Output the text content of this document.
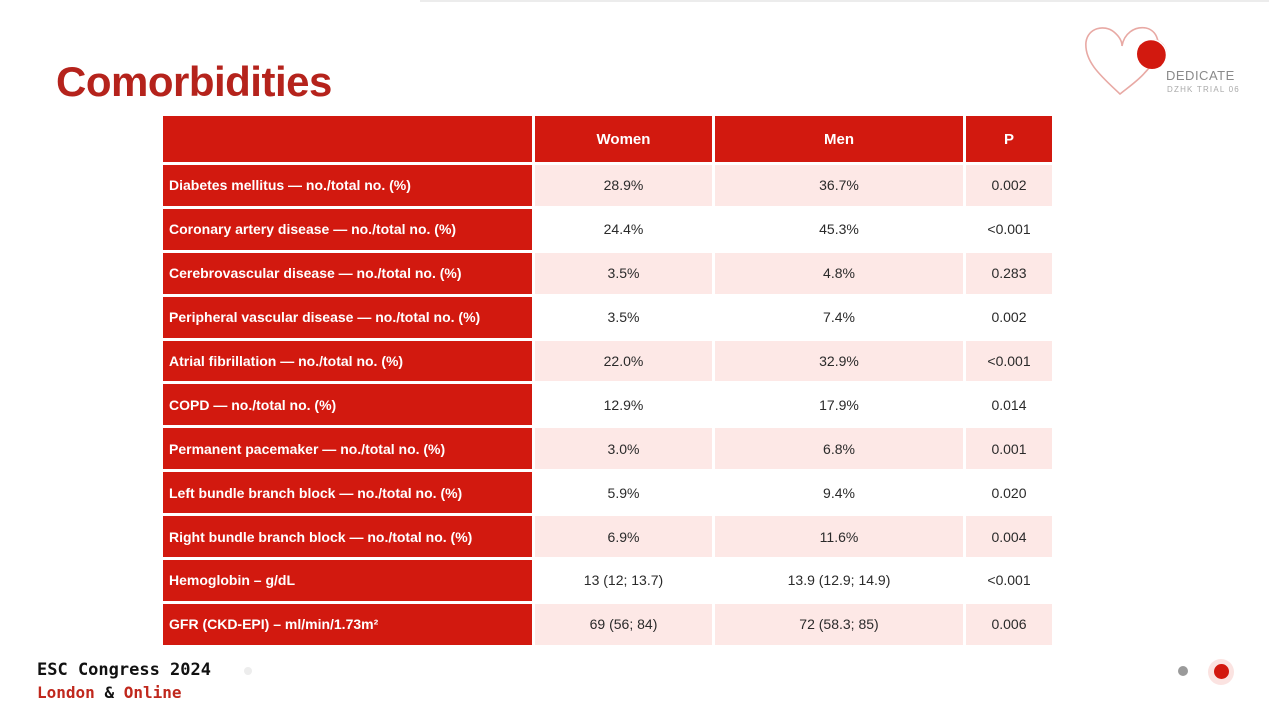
Comorbidities	DEDICATE
DZHK TRIAL 06
	Women	Men	P
Diabetes mellitus — no./total no. (%)	28.9%	36.7%	0.002
Coronary artery disease — no./total no. (%)	24.4%	45.3%	<0.001
Cerebrovascular disease — no./total no. (%)	3.5%	4.8%	0.283
Peripheral vascular disease — no./total no. (%)	3.5%	7.4%	0.002
Atrial fibrillation — no./total no. (%)	22.0%	32.9%	<0.001
COPD — no./total no. (%)	12.9%	17.9%	0.014
Permanent pacemaker — no./total no. (%)	3.0%	6.8%	0.001
Left bundle branch block — no./total no. (%)	5.9%	9.4%	0.020
Right bundle branch block — no./total no. (%)	6.9%	11.6%	0.004
Hemoglobin – g/dL	13 (12; 13.7)	13.9 (12.9; 14.9)	<0.001
GFR (CKD-EPI) – ml/min/1.73m²	69 (56; 84)	72 (58.3; 85)	0.006
ESC Congress 2024
London & Online
